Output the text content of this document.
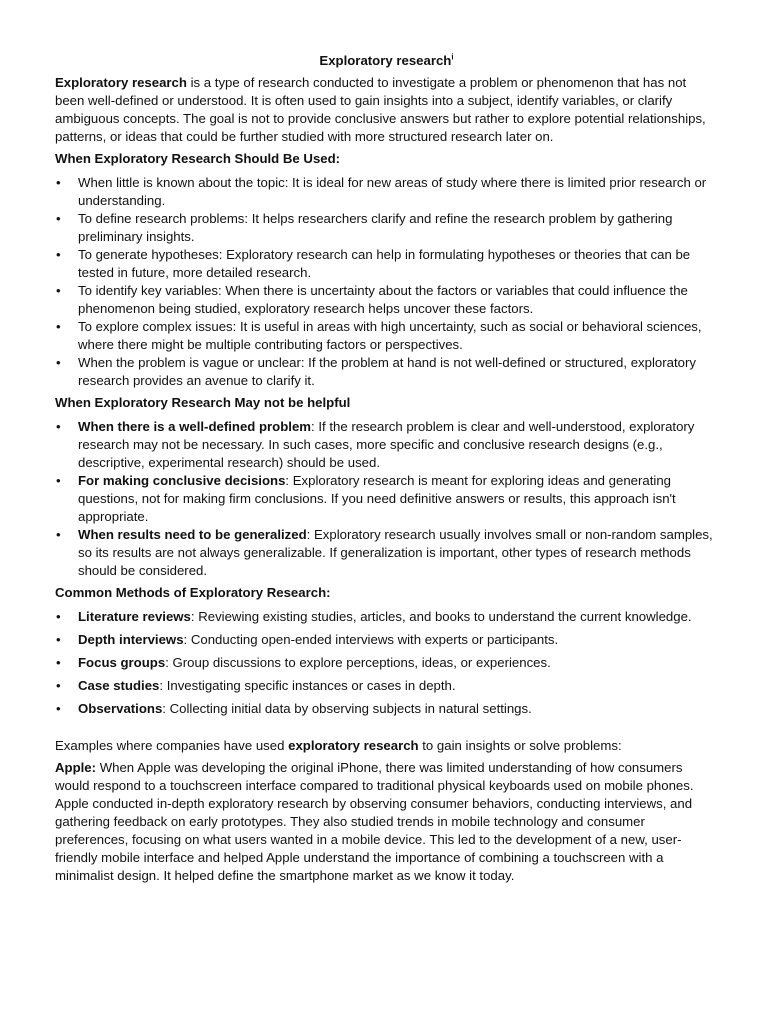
Exploratory research$^i$

Exploratory research is a type of research conducted to investigate a problem or phenomenon that has not been well-defined or understood. It is often used to gain insights into a subject, identify variables, or clarify ambiguous concepts. The goal is not to provide conclusive answers but rather to explore potential relationships, patterns, or ideas that could be further studied with more structured research later on.

When Exploratory Research Should Be Used:
• When little is known about the topic: It is ideal for new areas of study where there is limited prior research or understanding.
• To define research problems: It helps researchers clarify and refine the research problem by gathering preliminary insights.
• To generate hypotheses: Exploratory research can help in formulating hypotheses or theories that can be tested in future, more detailed research.
• To identify key variables: When there is uncertainty about the factors or variables that could influence the phenomenon being studied, exploratory research helps uncover these factors.
• To explore complex issues: It is useful in areas with high uncertainty, such as social or behavioral sciences, where there might be multiple contributing factors or perspectives.
• When the problem is vague or unclear: If the problem at hand is not well-defined or structured, exploratory research provides an avenue to clarify it.
When Exploratory Research May not be helpful
• When there is a well-defined problem: If the research problem is clear and well-understood, exploratory research may not be necessary. In such cases, more specific and conclusive research designs (e.g., descriptive, experimental research) should be used.
• For making conclusive decisions: Exploratory research is meant for exploring ideas and generating questions, not for making firm conclusions. If you need definitive answers or results, this approach isn't appropriate.
• When results need to be generalized: Exploratory research usually involves small or non-random samples, so its results are not always generalizable. If generalization is important, other types of research methods should be considered.
Common Methods of Exploratory Research:
• Literature reviews: Reviewing existing studies, articles, and books to understand the current knowledge.
• Depth interviews: Conducting open-ended interviews with experts or participants.
• Focus groups: Group discussions to explore perceptions, ideas, or experiences.
• Case studies: Investigating specific instances or cases in depth.
• Observations: Collecting initial data by observing subjects in natural settings.

Examples where companies have used exploratory research to gain insights or solve problems:

Apple: When Apple was developing the original iPhone, there was limited understanding of how consumers would respond to a touchscreen interface compared to traditional physical keyboards used on mobile phones. Apple conducted in-depth exploratory research by observing consumer behaviors, conducting interviews, and gathering feedback on early prototypes. They also studied trends in mobile technology and consumer preferences, focusing on what users wanted in a mobile device. This led to the development of a new, user-friendly mobile interface and helped Apple understand the importance of combining a touchscreen with a minimalist design. It helped define the smartphone market as we know it today.
